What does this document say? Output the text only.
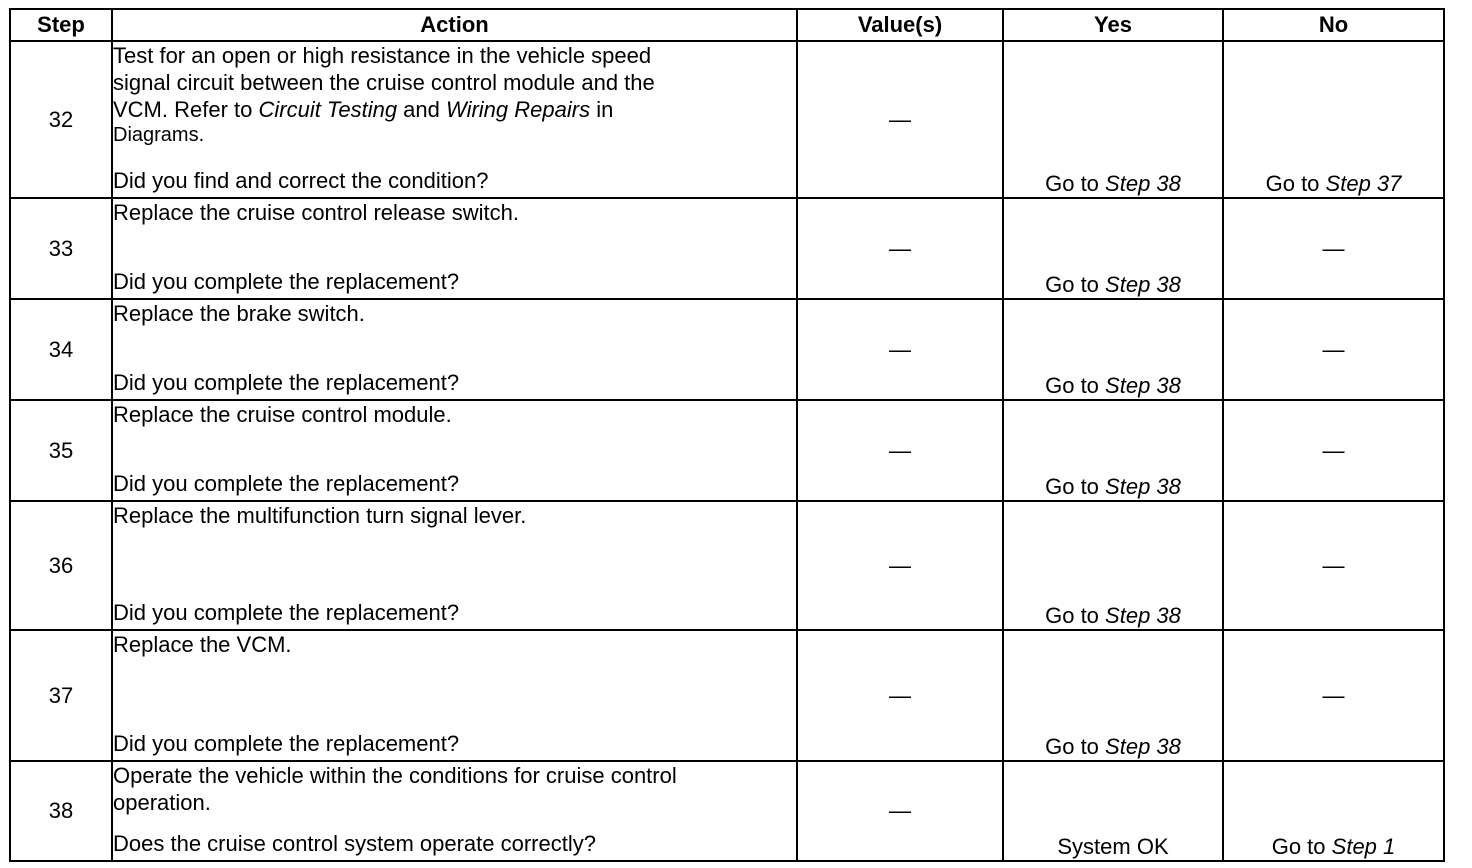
Step	Action	Value(s)	Yes	No
32	Test for an open or high resistance in the vehicle speed
signal circuit between the cruise control module and the
VCM. Refer to Circuit Testing and Wiring Repairs in
Diagrams.
Did you find and correct the condition?	—	Go to Step 38	Go to Step 37
33	Replace the cruise control release switch.
Did you complete the replacement?	—	Go to Step 38	—
34	Replace the brake switch.
Did you complete the replacement?	—	Go to Step 38	—
35	Replace the cruise control module.
Did you complete the replacement?	—	Go to Step 38	—
36	Replace the multifunction turn signal lever.
Did you complete the replacement?	—	Go to Step 38	—
37	Replace the VCM.
Did you complete the replacement?	—	Go to Step 38	—
38	Operate the vehicle within the conditions for cruise control
operation.
Does the cruise control system operate correctly?	—	System OK	Go to Step 1
